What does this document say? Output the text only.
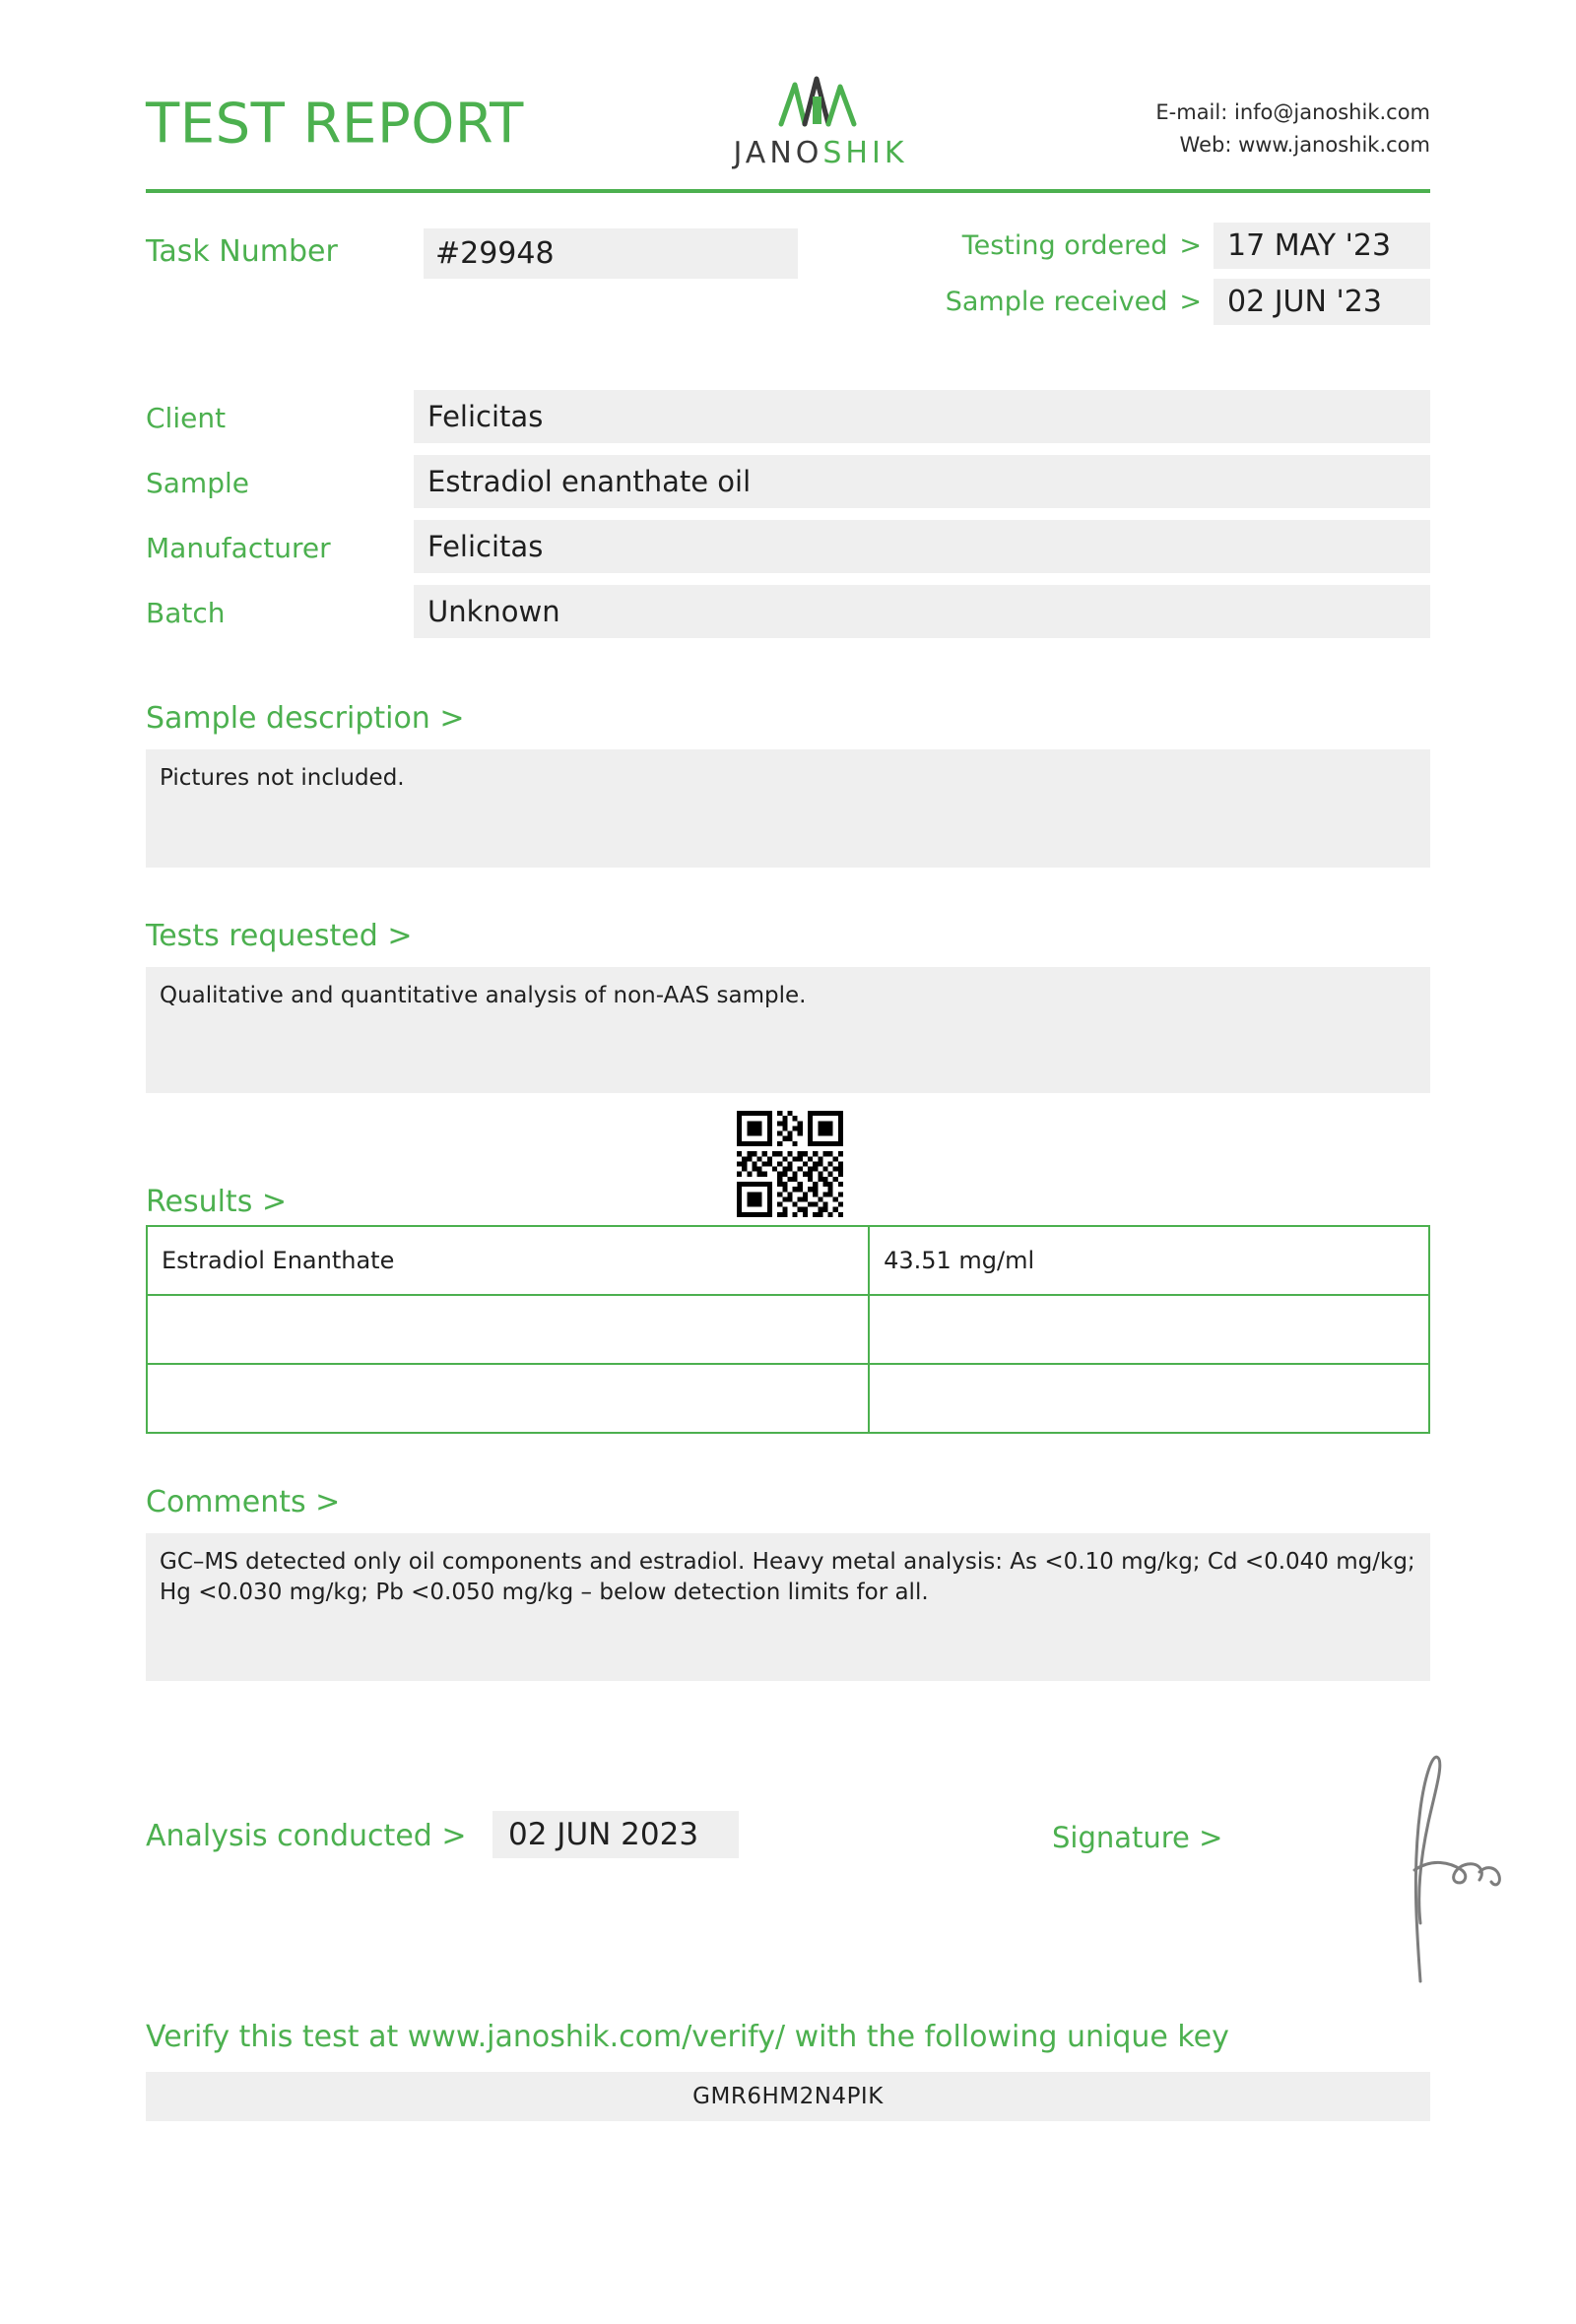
TEST REPORT	JANOSHIK
E-mail: info@janoshik.com
Web: www.janoshik.com
Task Number	#29948	Testing ordered > 17 MAY '23
Sample received > 02 JUN '23
Client	Felicitas
Sample	Estradiol enanthate oil
Manufacturer	Felicitas
Batch	Unknown
Sample description >
Pictures not included.
Tests requested >
Qualitative and quantitative analysis of non-AAS sample.
Results >
Estradiol Enanthate	43.51 mg/ml

Comments >
GC–MS detected only oil components and estradiol. Heavy metal analysis: As <0.10 mg/kg; Cd <0.040 mg/kg; Hg <0.030 mg/kg; Pb <0.050 mg/kg – below detection limits for all.
Analysis conducted >	02 JUN 2023	Signature >
Verify this test at www.janoshik.com/verify/ with the following unique key
GMR6HM2N4PIK
